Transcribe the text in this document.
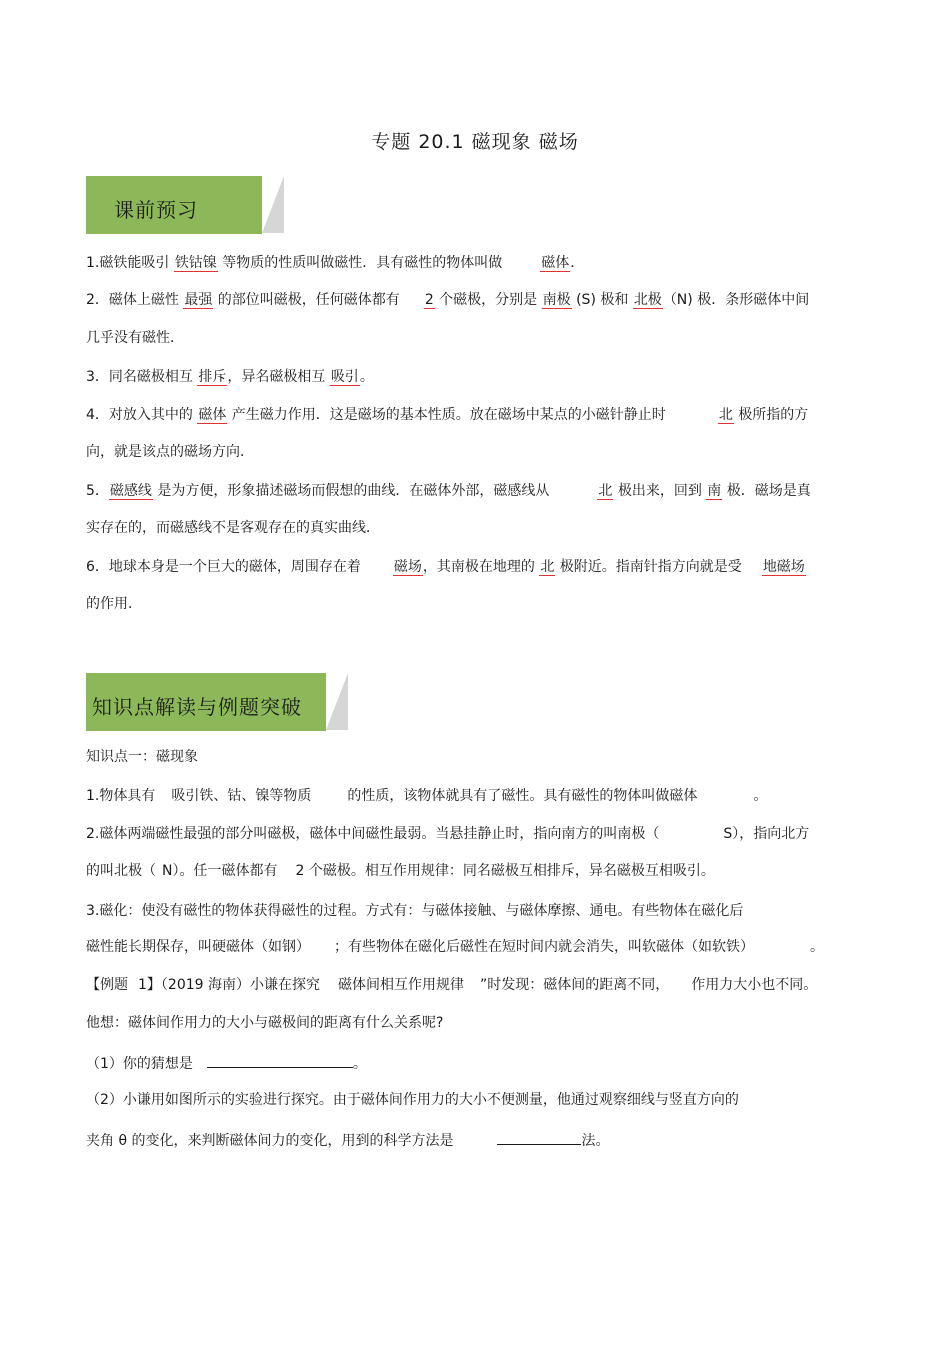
专题 20.1 磁现象 磁场
课前预习
1.磁铁能吸引 铁钴镍 等物质的性质叫做磁性．具有磁性的物体叫做	磁体．
2．磁体上磁性 最强 的部位叫磁极，任何磁体都有 2 个磁极，分别是 南极 (S) 极和 北极（N) 极．条形磁体中间
几乎没有磁性．
3．同名磁极相互 排斥，异名磁极相互 吸引。
4．对放入其中的 磁体 产生磁力作用．这是磁场的基本性质。放在磁场中某点的小磁针静止时	北 极所指的方
向，就是该点的磁场方向．
5．磁感线 是为方便，形象描述磁场而假想的曲线．在磁体外部，磁感线从	北 极出来，回到 南 极．磁场是真
实存在的，而磁感线不是客观存在的真实曲线．
6．地球本身是一个巨大的磁体，周围存在着 磁场，其南极在地理的 北 极附近。指南针指方向就是受 地磁场
的作用．
知识点解读与例题突破
知识点一：磁现象
1.物体具有 吸引铁、钴、镍等物质	的性质，该物体就具有了磁性。具有磁性的物体叫做磁体	。
2.磁体两端磁性最强的部分叫磁极，磁体中间磁性最弱。当悬挂静止时，指向南方的叫南极（	S），指向北方
的叫北极（ N）。任一磁体都有 2 个磁极。相互作用规律：同名磁极互相排斥，异名磁极互相吸引。
3.磁化：使没有磁性的物体获得磁性的过程。方式有：与磁体接触、与磁体摩擦、通电。有些物体在磁化后
磁性能长期保存，叫硬磁体（如钢） ；有些物体在磁化后磁性在短时间内就会消失，叫软磁体（如软铁）	。
【例题 1】（2019 海南）小谦在探究 磁体间相互作用规律 ”时发现：磁体间的距离不同， 作用力大小也不同。
他想：磁体间作用力的大小与磁极间的距离有什么关系呢?
（1）你的猜想是	。
（2）小谦用如图所示的实验进行探究。由于磁体间作用力的大小不便测量，他通过观察细线与竖直方向的
夹角 θ 的变化，来判断磁体间力的变化，用到的科学方法是	法。
